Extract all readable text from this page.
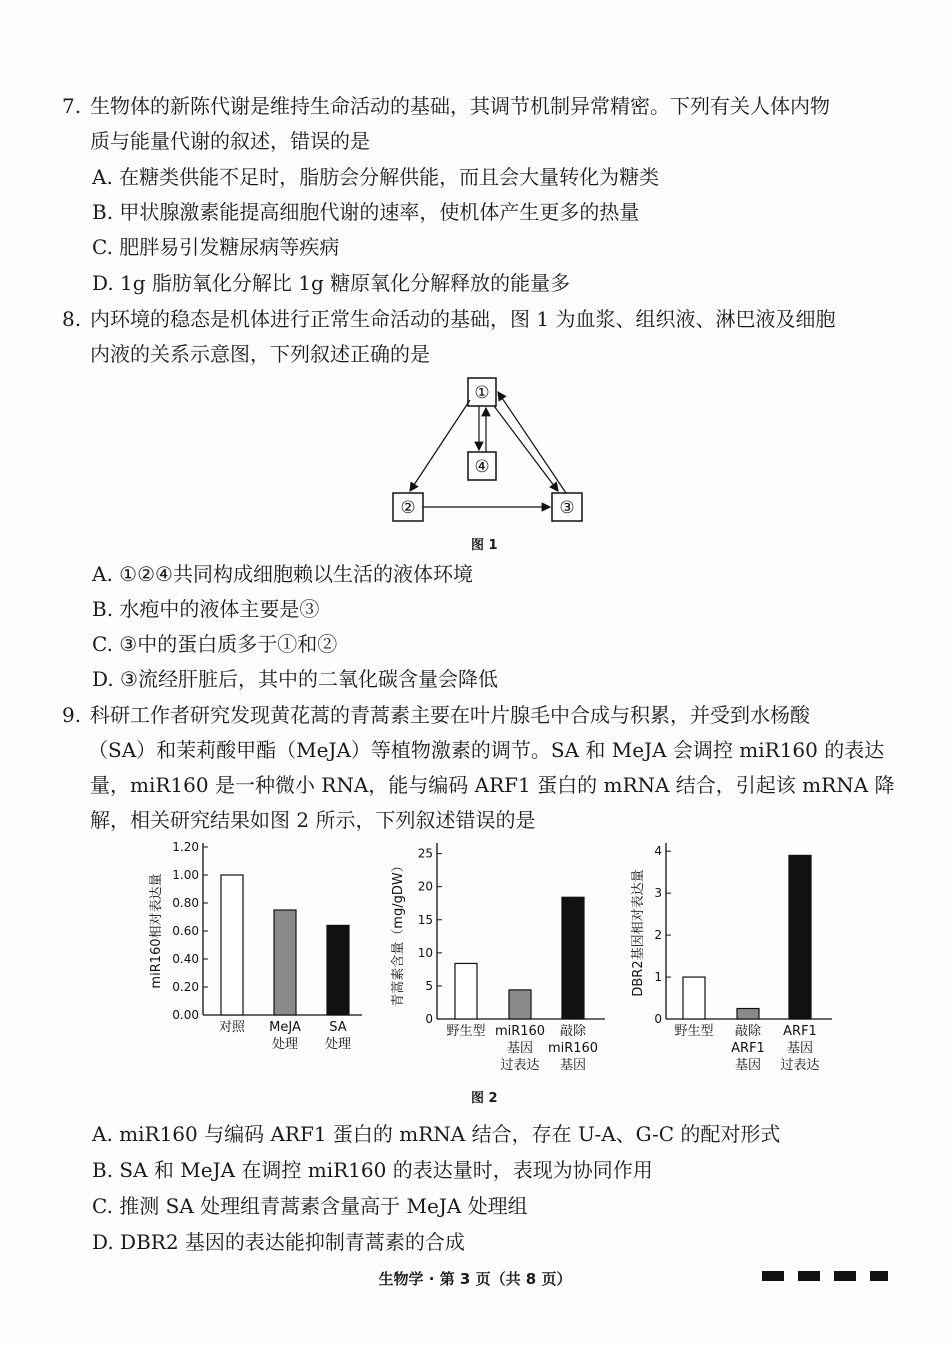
7. 生物体的新陈代谢是维持生命活动的基础，其调节机制异常精密。下列有关人体内物

质与能量代谢的叙述，错误的是

A. 在糖类供能不足时，脂肪会分解供能，而且会大量转化为糖类

B. 甲状腺激素能提高细胞代谢的速率，使机体产生更多的热量

C. 肥胖易引发糖尿病等疾病

D. 1g 脂肪氧化分解比 1g 糖原氧化分解释放的能量多

8. 内环境的稳态是机体进行正常生命活动的基础，图 1 为血浆、组织液、淋巴液及细胞

内液的关系示意图，下列叙述正确的是

①
④
②	③
图 1

A. ①②④共同构成细胞赖以生活的液体环境

B. 水疱中的液体主要是③

C. ③中的蛋白质多于①和②

D. ③流经肝脏后，其中的二氧化碳含量会降低

9. 科研工作者研究发现黄花蒿的青蒿素主要在叶片腺毛中合成与积累，并受到水杨酸

（SA）和茉莉酸甲酯（MeJA）等植物激素的调节。SA 和 MeJA 会调控 miR160 的表达

量，miR160 是一种微小 RNA，能与编码 ARF1 蛋白的 mRNA 结合，引起该 mRNA 降

解，相关研究结果如图 2 所示，下列叙述错误的是

0.00
0.20
0.40
0.60
0.80
1.00
1.20
对照 MeJA
处理
SA
处理
miR160相对表达量
0
5
10
15
20
25
野生型 miR160
基因
过表达
敲除
miR160
基因
青蒿素含量（mg/gDW）
0
1
2
3
4
野生型 敲除
ARF1
基因
ARF1
基因
过表达
DBR2基因相对表达量
图 2

A. miR160 与编码 ARF1 蛋白的 mRNA 结合，存在 U-A、G-C 的配对形式

B. SA 和 MeJA 在调控 miR160 的表达量时，表现为协同作用

C. 推测 SA 处理组青蒿素含量高于 MeJA 处理组

D. DBR2 基因的表达能抑制青蒿素的合成

生物学 · 第 3 页（共 8 页）
